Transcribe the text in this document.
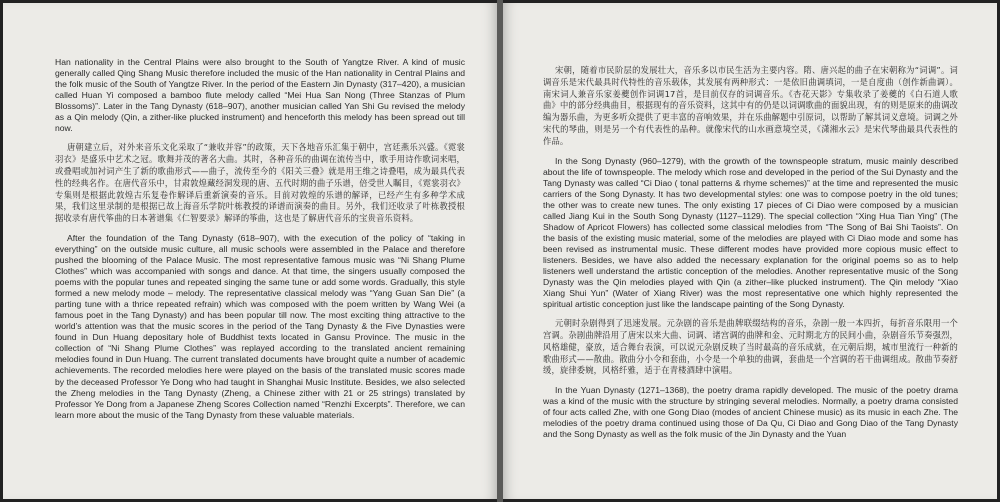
Han nationality in the Central Plains were also brought to the South of Yangtze River. A kind of music generally called Qing Shang Music therefore included the music of the Han nationality in Central Plains and the folk music of the South of Yangtze River. In the period of the Eastern Jin Dynasty (317–420), a musician called Huan Yi composed a bamboo flute melody called “Mei Hua San Nong (Three Stanzas of Plum Blossoms)”. Later in the Tang Dynasty (618–907), another musician called Yan Shi Gu revised the melody as a Qin melody (Qin, a zither-like plucked instrument) and henceforth this melody has been spread out till now.

唐朝建立后，对外来音乐文化采取了“兼收并容”的政策，天下各地音乐汇集于朝中，宫廷燕乐兴盛。《霓裳羽衣》是盛乐中艺术之冠。歌舞并茂的著名大曲。其时，各种音乐的曲调在流传当中，歌手用诗作歌词来唱，或叠唱或加衬词产生了新的歌曲形式——曲子，流传至今的《阳关三叠》就是用王维之诗叠唱，成为最具代表性的经典名作。在唐代音乐中，甘肃敦煌藏经洞发现的唐、五代时期的曲子乐谱，倍受世人瞩目，《霓裳羽衣》专集则是根据此敦煌古乐复卷作解译后重新演奏的音乐。目前对敦煌的乐谱的解译，已经产生有多种学术成果，我们这里录制的是根据已故上海音乐学院叶栋教授的译谱而演奏的曲目。另外，我们还收录了叶栋教授根据收录有唐代筝曲的日本著谱集《仁智要录》解译的筝曲，这也是了解唐代音乐的宝贵音乐资料。

After the foundation of the Tang Dynasty (618–907), with the execution of the policy of “taking in everything” on the outside music culture, all music schools were assembled in the Palace and therefore pushed the blooming of the Palace Music. The most representative famous music was “Ni Shang Plume Clothes” which was accompanied with songs and dance. At that time, the singers usually composed the poems with the popular tunes and repeated singing the same tune or add some words. Gradually, this style formed a new melody mode – melody. The representative classical melody was “Yang Guan San Die” (a parting tune with a thrice repeated refrain) which was composed with the poem written by Wang Wei (a famous poet in the Tang Dynasty) and has been popular till now. The most exciting thing attractive to the world’s attention was that the music scores in the period of the Tang Dynasty & the Five Dynasties were found in Dun Huang depositary hole of Buddhist texts located in Gansu Province. The music in the collection of “Ni Shang Plume Clothes” was replayed according to the translated ancient remaining melodies found in Dun Huang. The current translated documents have brought quite a number of academic achievements. The recorded melodies here were played on the basis of the translated music scores made by the deceased Professor Ye Dong who had taught in Shanghai Music Institute. Besides, we also selected the Zheng melodies in the Tang Dynasty (Zheng, a Chinese zither with 21 or 25 strings) translated by Professor Ye Dong from a Japanese Zheng Scores Collection named “Renzhi Excerpts”. Therefore, we can learn more about the music of the Tang Dynasty from these valuable materials.

宋朝，随着市民阶层的发展壮大，音乐多以市民生活为主要内容。隋、唐兴起的曲子在宋朝称为“词调”。词调音乐是宋代最具时代特性的音乐载体，其发展有两种形式：一是依旧曲调填词，一是自度曲（创作新曲调）。南宋词人兼音乐家姜夔创作词调17首，是目前仅存的词调音乐。《杏花天影》专集收录了姜夔的《白石道人歌曲》中的部分经典曲目，根据现有的音乐资料，这其中有的仍是以词调歌曲的面貌出现，有的则是原来的曲调改编为器乐曲，为更多听众提供了更丰富的音响效果，并在乐曲解题中引原词，以帮助了解其词义意境。词调之外宋代的琴曲，则是另一个有代表性的品种。就像宋代的山水画意境空灵，《潇湘水云》是宋代琴曲最具代表性的作品。

In the Song Dynasty (960–1279), with the growth of the townspeople stratum, music mainly described about the life of townspeople. The melody which rose and developed in the period of the Sui Dynasty and the Tang Dynasty was called “Ci Diao ( tonal patterns & rhyme schemes)” at the time and represented the music carriers of the Song Dynasty. It has two developmental styles: one was to compose poetry in the old tunes; the other was to create new tunes. The only existing 17 pieces of Ci Diao were composed by a musician called Jiang Kui in the South Song Dynasty (1127–1129). The special collection “Xing Hua Tian Ying” (The Shadow of Apricot Flowers) has collected some classical melodies from “The Song of Bai Shi Taoists”. On the basis of the existing music material, some of the melodies are played with Ci Diao mode and some has been revised as instrumental music. These different modes have provided more copious music effect to listeners. Besides, we have also added the necessary explanation for the original poems so as to help listeners well understand the artistic conception of the melodies. Another representative music of the Song Dynasty was the Qin melodies played with Qin (a zither–like plucked instrument). The Qin melody “Xiao Xiang Shui Yun” (Water of Xiang River) was the most representative one which highly represented the spiritual artistic conception just like the landscape painting of the Song Dynasty.

元朝时杂剧得到了迅速发展。元杂剧的音乐是曲牌联缀结构的音乐，杂剧一般一本四折，每折音乐限用一个宫调。杂剧曲牌沿用了唐宋以来大曲、词调、诸宫调的曲牌和金、元时期北方的民间小曲，杂剧音乐节奏强烈，风格雄健，豪放，适合舞台表演，可以说元杂剧反映了当时最高的音乐成就，在元朝后期，城市里流行一种新的歌曲形式——散曲。散曲分小令和套曲，小令是一个单独的曲调，套曲是一个宫调的若干曲调组成。散曲节奏舒缓，旋律委婉，风格纤雅，适于在青楼酒肆中演唱。

In the Yuan Dynasty (1271–1368), the poetry drama rapidly developed. The music of the poetry drama was a kind of the music with the structure by stringing several melodies. Normally, a poetry drama consisted of four acts called Zhe, with one Gong Diao (modes of ancient Chinese music) as its music in each Zhe. The melodies of the poetry drama continued using those of Da Qu, Ci Diao and Gong Diao of the Tang Dynasty and the Song Dynasty as well as the folk music of the Jin Dynasty and the Yuan
